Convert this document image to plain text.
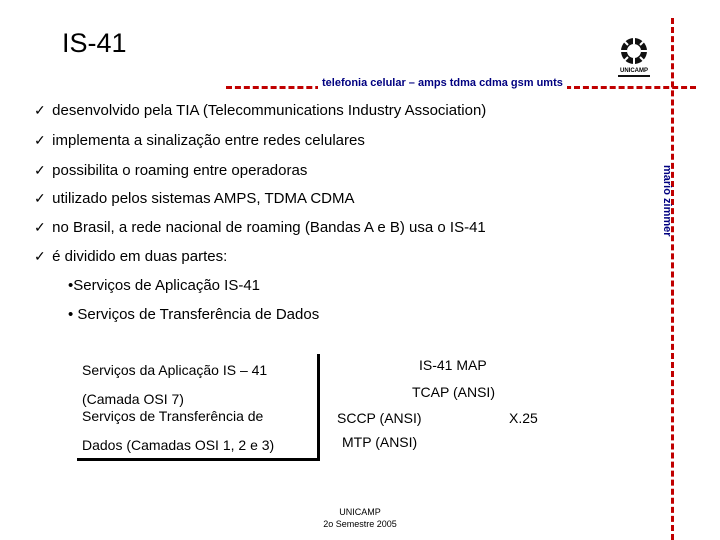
IS-41
telefonia celular – amps tdma cdma gsm umts
mario zimmer
UNICAMP
✓ desenvolvido pela TIA (Telecommunications Industry Association)
✓ implementa a sinalização entre redes celulares
✓ possibilita o roaming entre operadoras
✓ utilizado pelos sistemas AMPS, TDMA CDMA
✓ no Brasil, a rede nacional de roaming (Bandas A e B) usa o IS-41
✓ é dividido em duas partes:
•Serviços de Aplicação IS-41
• Serviços de Transferência de Dados
Serviços da Aplicação IS – 41
(Camada OSI 7)
Serviços de Transferência de
Dados (Camadas OSI 1, 2 e 3)
IS-41 MAP
TCAP (ANSI)
SCCP (ANSI)	X.25
MTP (ANSI)
UNICAMP
2o Semestre 2005
